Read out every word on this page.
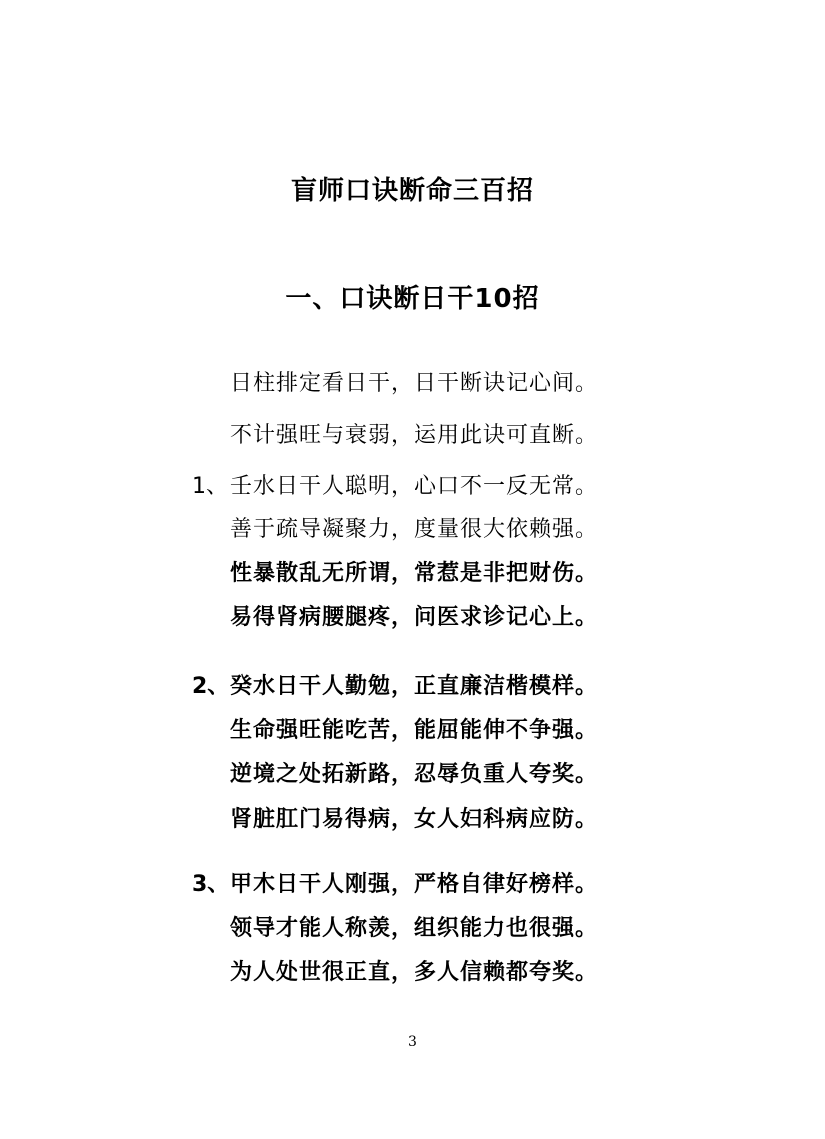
盲师口诀断命三百招
一、口诀断日干10招
日柱排定看日干，日干断诀记心间。
不计强旺与衰弱，运用此诀可直断。
1、 壬水日干人聪明，心口不一反无常。
善于疏导凝聚力，度量很大依赖强。
性暴散乱无所谓，常惹是非把财伤。
易得肾病腰腿疼，问医求诊记心上。
2、 癸水日干人勤勉，正直廉洁楷模样。
生命强旺能吃苦，能屈能伸不争强。
逆境之处拓新路，忍辱负重人夸奖。
肾脏肛门易得病，女人妇科病应防。
3、 甲木日干人刚强，严格自律好榜样。
领导才能人称羡，组织能力也很强。
为人处世很正直，多人信赖都夸奖。
3
